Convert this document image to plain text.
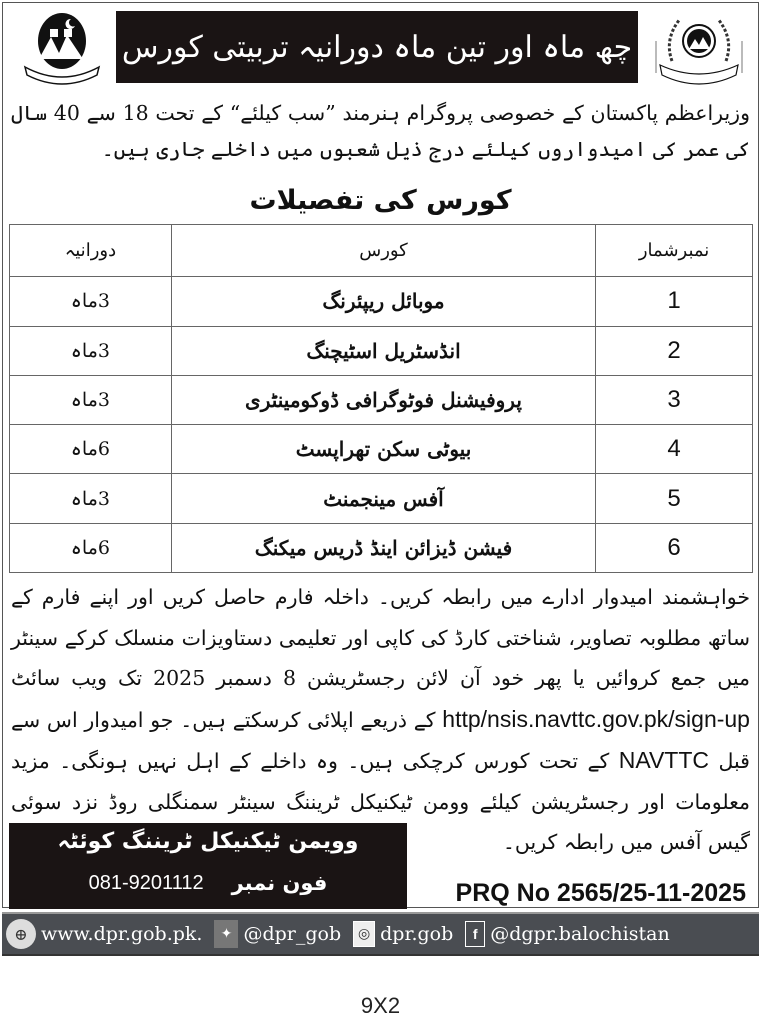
چھ ماہ اور تین ماہ دورانیہ تربیتی کورس

وزیراعظم پاکستان کے خصوصی پروگرام ہنرمند ”سب کیلئے“ کے تحت 18 سے 40 سال کی عمر کی امیدواروں کیلئے درج ذیل شعبوں میں داخلے جاری ہیں۔

کورس کی تفصیلات
نمبرشمار	کورس	دورانیہ
1	موبائل ریپئرنگ	3ماہ
2	انڈسٹریل اسٹیچنگ	3ماہ
3	پروفیشنل فوٹوگرافی ڈوکومینٹری	3ماہ
4	بیوٹی سکن تھراپسٹ	6ماہ
5	آفس مینجمنٹ	3ماہ
6	فیشن ڈیزائن اینڈ ڈریس میکنگ	6ماہ

خواہشمند امیدوار ادارے میں رابطہ کریں۔ داخلہ فارم حاصل کریں اور اپنے فارم کے ساتھ مطلوبہ تصاویر، شناختی کارڈ کی کاپی اور تعلیمی دستاویزات منسلک کرکے سینٹر میں جمع کروائیں یا پھر خود آن لائن رجسٹریشن 8 دسمبر 2025 تک ویب سائٹ http/nsis.navttc.gov.pk/sign-up کے ذریعے اپلائی کرسکتے ہیں۔ جو امیدوار اس سے قبل NAVTTC کے تحت کورس کرچکی ہیں۔ وہ داخلے کے اہل نہیں ہونگی۔ مزید معلومات اور رجسٹریشن کیلئے وومن ٹیکنیکل ٹریننگ سینٹر سمنگلی روڈ نزد سوئی گیس آفس میں رابطہ کریں۔

وویمن ٹیکنیکل ٹریننگ کوئٹہ
فون نمبر
081-9201112	PRQ No 2565/25-11-2025
⊕ www.dpr.gob.pk.	✦ @dpr_gob	◎ dpr.gob	f @dgpr.balochistan
9X2
